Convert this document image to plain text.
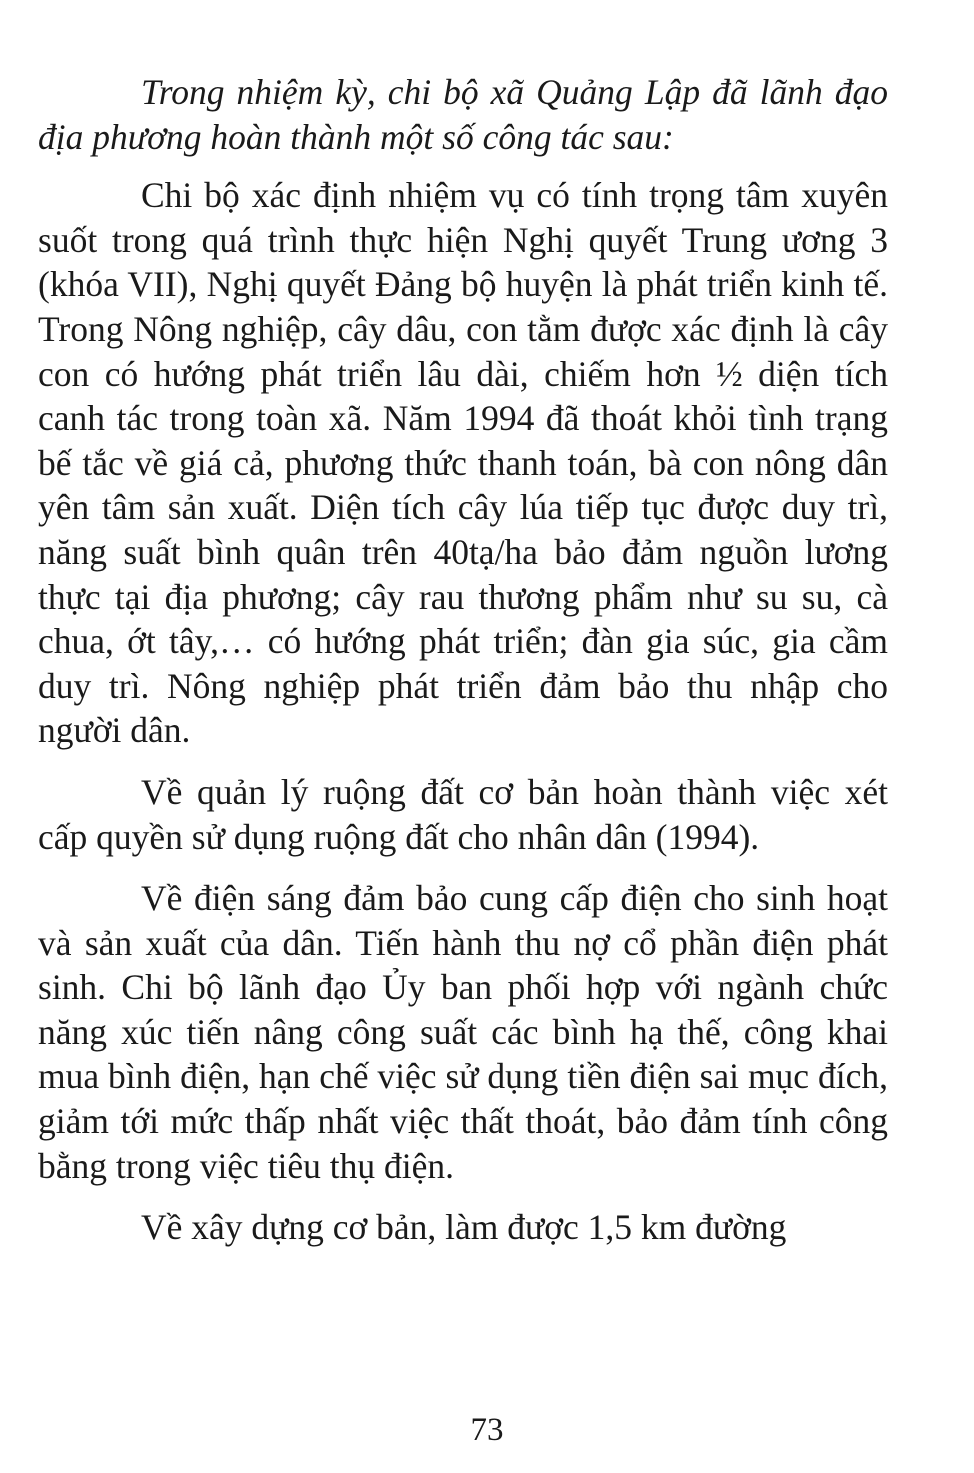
Trong nhiệm kỳ, chi bộ xã Quảng Lập đã lãnh đạo địa phương hoàn thành một số công tác sau:

Chi bộ xác định nhiệm vụ có tính trọng tâm xuyên suốt trong quá trình thực hiện Nghị quyết Trung ương 3 (khóa VII), Nghị quyết Đảng bộ huyện là phát triển kinh tế. Trong Nông nghiệp, cây dâu, con tằm được xác định là cây con có hướng phát triển lâu dài, chiếm hơn ½ diện tích canh tác trong toàn xã. Năm 1994 đã thoát khỏi tình trạng bế tắc về giá cả, phương thức thanh toán, bà con nông dân yên tâm sản xuất. Diện tích cây lúa tiếp tục được duy trì, năng suất bình quân trên 40tạ/ha bảo đảm nguồn lương thực tại địa phương; cây rau thương phẩm như su su, cà chua, ớt tây,… có hướng phát triển; đàn gia súc, gia cầm duy trì. Nông nghiệp phát triển đảm bảo thu nhập cho người dân.

Về quản lý ruộng đất cơ bản hoàn thành việc xét cấp quyền sử dụng ruộng đất cho nhân dân (1994).

Về điện sáng đảm bảo cung cấp điện cho sinh hoạt và sản xuất của dân. Tiến hành thu nợ cổ phần điện phát sinh. Chi bộ lãnh đạo Ủy ban phối hợp với ngành chức năng xúc tiến nâng công suất các bình hạ thế, công khai mua bình điện, hạn chế việc sử dụng tiền điện sai mục đích, giảm tới mức thấp nhất việc thất thoát, bảo đảm tính công bằng trong việc tiêu thụ điện.

Về xây dựng cơ bản, làm được 1,5 km đường

73
